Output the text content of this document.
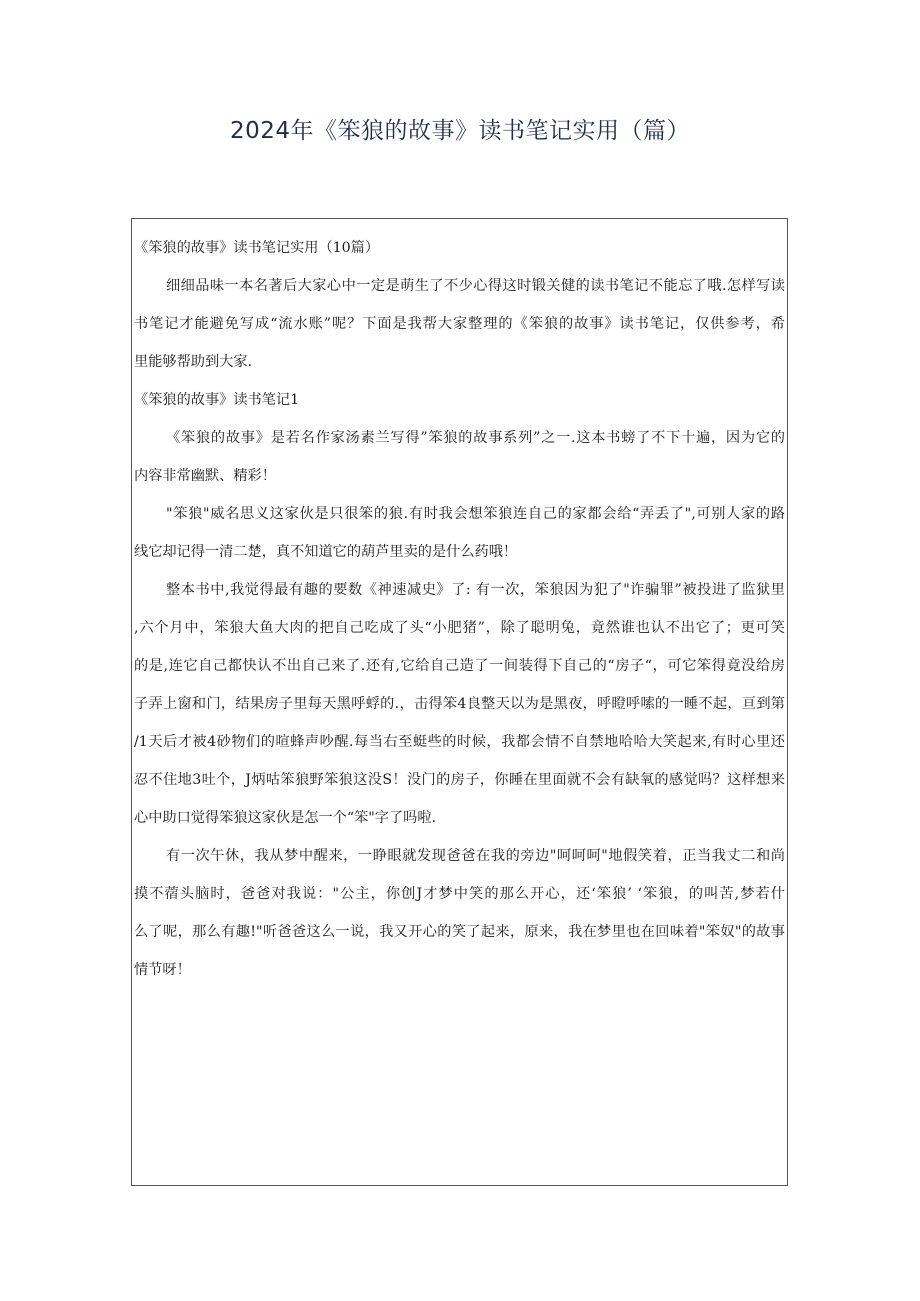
2024年《笨狼的故事》读书笔记实用（篇）
《笨狼的故事》读书笔记实用（10篇）
细细品味一本名著后大家心中一定是萌生了不少心得这时锻关健的读书笔记不能忘了哦.怎样写读
书笔记才能避免写成“流水账”呢？下面是我帮大家整理的《笨狼的故事》读书笔记，仅供参考，希
里能够帮助到大家.
《笨狼的故事》读书笔记1
《笨狼的故事》是若名作家汤素兰写得”笨狼的故事系列”之一.这本书螃了不下十遍，因为它的
内容非常幽默、精彩！
"笨狼"威名思义这家伙是只很笨的狼.有时我会想笨狼连自己的家都会给“弄丢了",可别人家的路
线它却记得一清二楚，真不知道它的葫芦里卖的是什么药哦！
整本书中,我觉得最有趣的要数《神速减史》了: 有一次，笨狼因为犯了"诈骗罪”被投进了监狱里
,六个月中，笨狼大鱼大肉的把自己吃成了头“小肥猪”，除了聪明兔，竟然谁也认不出它了；更可笑
的是,连它自己都快认不出自己来了.还有,它给自己造了一间装得下自己的“房子“，可它笨得竟没给房
子弄上窗和门，结果房子里每天黑呼蜉的.，击得笨4良整天以为是黑夜，呼瞪呼嗦的一睡不起，亘到第
/1天后才被4砂物们的喧蜂声吵醒.每当右至蜓些的时候，我都会情不自禁地哈哈大笑起来,有时心里还
忍不住地3吐个，J炳咕笨狼野笨狼这没S！没门的房子，你睡在里面就不会有缺氧的感觉吗？这样想来
心中助口觉得笨狼这家伙是怎一个“笨"字了吗啦.
有一次午休，我从梦中醒来，一睁眼就发现爸爸在我的旁边"呵呵呵"地假笑着，正当我丈二和尚
摸不蓿头脑时，爸爸对我说："公主，你创J才梦中笑的那么开心，还‘笨狼’ ‘笨狼，的叫苦,梦若什
么了呢，那么有趣!"听爸爸这么一说，我又开心的笑了起来，原来，我在梦里也在回味着"笨奴"的故事
情节呀！
